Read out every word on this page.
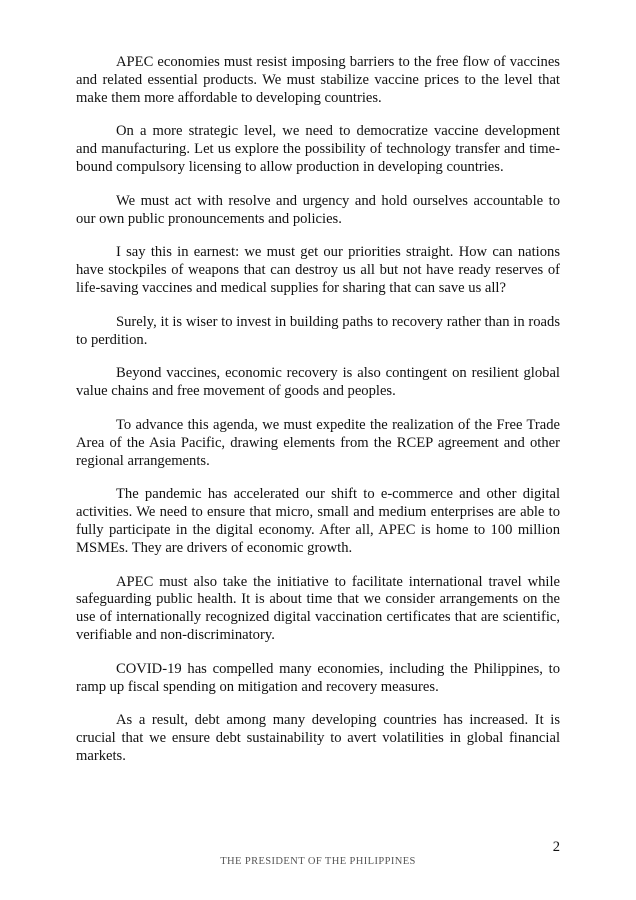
APEC economies must resist imposing barriers to the free flow of vaccines and related essential products. We must stabilize vaccine prices to the level that make them more affordable to developing countries.

On a more strategic level, we need to democratize vaccine development and manufacturing. Let us explore the possibility of technology transfer and time-bound compulsory licensing to allow production in developing countries.

We must act with resolve and urgency and hold ourselves accountable to our own public pronouncements and policies.

I say this in earnest: we must get our priorities straight. How can nations have stockpiles of weapons that can destroy us all but not have ready reserves of life-saving vaccines and medical supplies for sharing that can save us all?

Surely, it is wiser to invest in building paths to recovery rather than in roads to perdition.

Beyond vaccines, economic recovery is also contingent on resilient global value chains and free movement of goods and peoples.

To advance this agenda, we must expedite the realization of the Free Trade Area of the Asia Pacific, drawing elements from the RCEP agreement and other regional arrangements.

The pandemic has accelerated our shift to e-commerce and other digital activities. We need to ensure that micro, small and medium enterprises are able to fully participate in the digital economy. After all, APEC is home to 100 million MSMEs. They are drivers of economic growth.

APEC must also take the initiative to facilitate international travel while safeguarding public health. It is about time that we consider arrangements on the use of internationally recognized digital vaccination certificates that are scientific, verifiable and non-discriminatory.

COVID-19 has compelled many economies, including the Philippines, to ramp up fiscal spending on mitigation and recovery measures.

As a result, debt among many developing countries has increased. It is crucial that we ensure debt sustainability to avert volatilities in global financial markets.

2
THE PRESIDENT OF THE PHILIPPINES
